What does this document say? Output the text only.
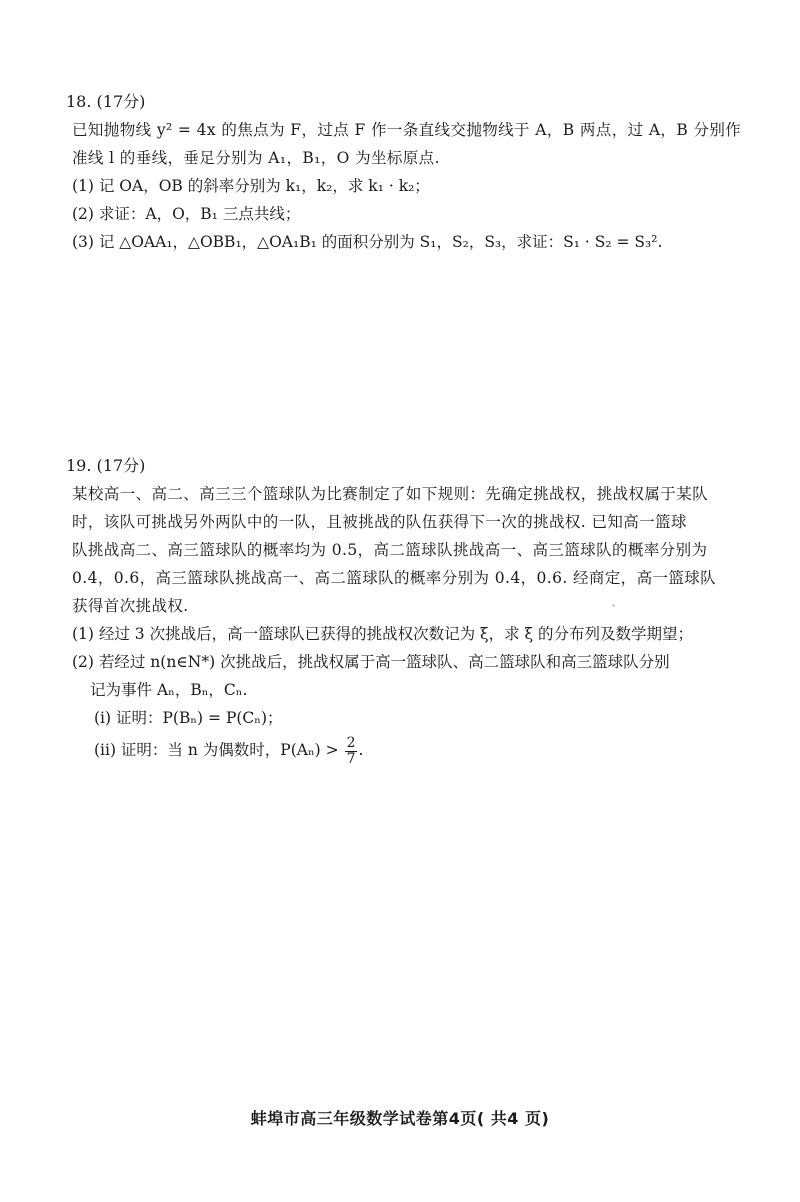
18. (17分)
已知抛物线 y² = 4x 的焦点为 F，过点 F 作一条直线交抛物线于 A，B 两点，过 A，B 分别作
准线 l 的垂线，垂足分别为 A₁，B₁，O 为坐标原点.
(1) 记 OA，OB 的斜率分别为 k₁，k₂，求 k₁ · k₂；
(2) 求证：A，O，B₁ 三点共线；
(3) 记 △OAA₁，△OBB₁，△OA₁B₁ 的面积分别为 S₁，S₂，S₃，求证：S₁ · S₂ = S₃².
19. (17分)
某校高一、高二、高三三个篮球队为比赛制定了如下规则：先确定挑战权，挑战权属于某队
时，该队可挑战另外两队中的一队，且被挑战的队伍获得下一次的挑战权. 已知高一篮球
队挑战高二、高三篮球队的概率均为 0.5，高二篮球队挑战高一、高三篮球队的概率分别为
0.4，0.6，高三篮球队挑战高一、高二篮球队的概率分别为 0.4，0.6. 经商定，高一篮球队
获得首次挑战权.
(1) 经过 3 次挑战后，高一篮球队已获得的挑战权次数记为 ξ，求 ξ 的分布列及数学期望；
(2) 若经过 n(n∈N*) 次挑战后，挑战权属于高一篮球队、高二篮球队和高三篮球队分别
记为事件 Aₙ，Bₙ，Cₙ.
(i) 证明：P(Bₙ) = P(Cₙ)；
(ii) 证明：当 n 为偶数时，$P(A_n) > \frac{2}{7}$ .
蚌埠市高三年级数学试卷第4页( 共4 页)
